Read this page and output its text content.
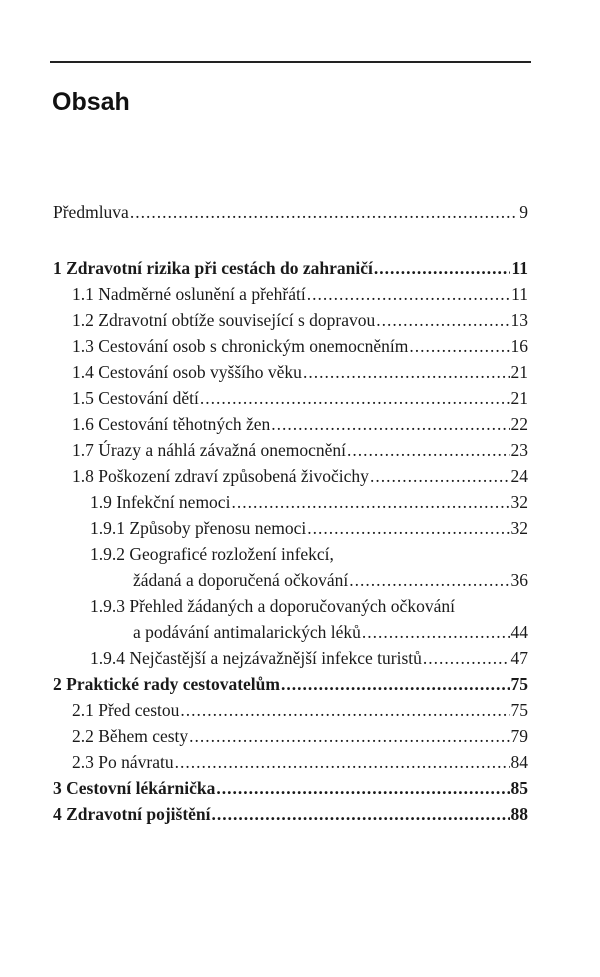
Obsah
Předmluva .....	9
1 Zdravotní rizika při cestách do zahraničí .....	11
1.1 Nadměrné oslunění a přehřátí .....	11
1.2 Zdravotní obtíže související s dopravou .....	13
1.3 Cestování osob s chronickým onemocněním .....	16
1.4 Cestování osob vyššího věku .....	21
1.5 Cestování dětí .....	21
1.6 Cestování těhotných žen .....	22
1.7 Úrazy a náhlá závažná onemocnění .....	23
1.8 Poškození zdraví způsobená živočichy .....	24
1.9 Infekční nemoci .....	32
1.9.1 Způsoby přenosu nemoci .....	32
1.9.2 Geograficé rozložení infekcí,
žádaná a doporučená očkování .....	36
1.9.3 Přehled žádaných a doporučovaných očkování
a podávání antimalarických léků .....	44
1.9.4 Nejčastější a nejzávažnější infekce turistů .....	47
2 Praktické rady cestovatelům .....	75
2.1 Před cestou .....	75
2.2 Během cesty .....	79
2.3 Po návratu .....	84
3 Cestovní lékárnička .....	85
4 Zdravotní pojištění .....	88
